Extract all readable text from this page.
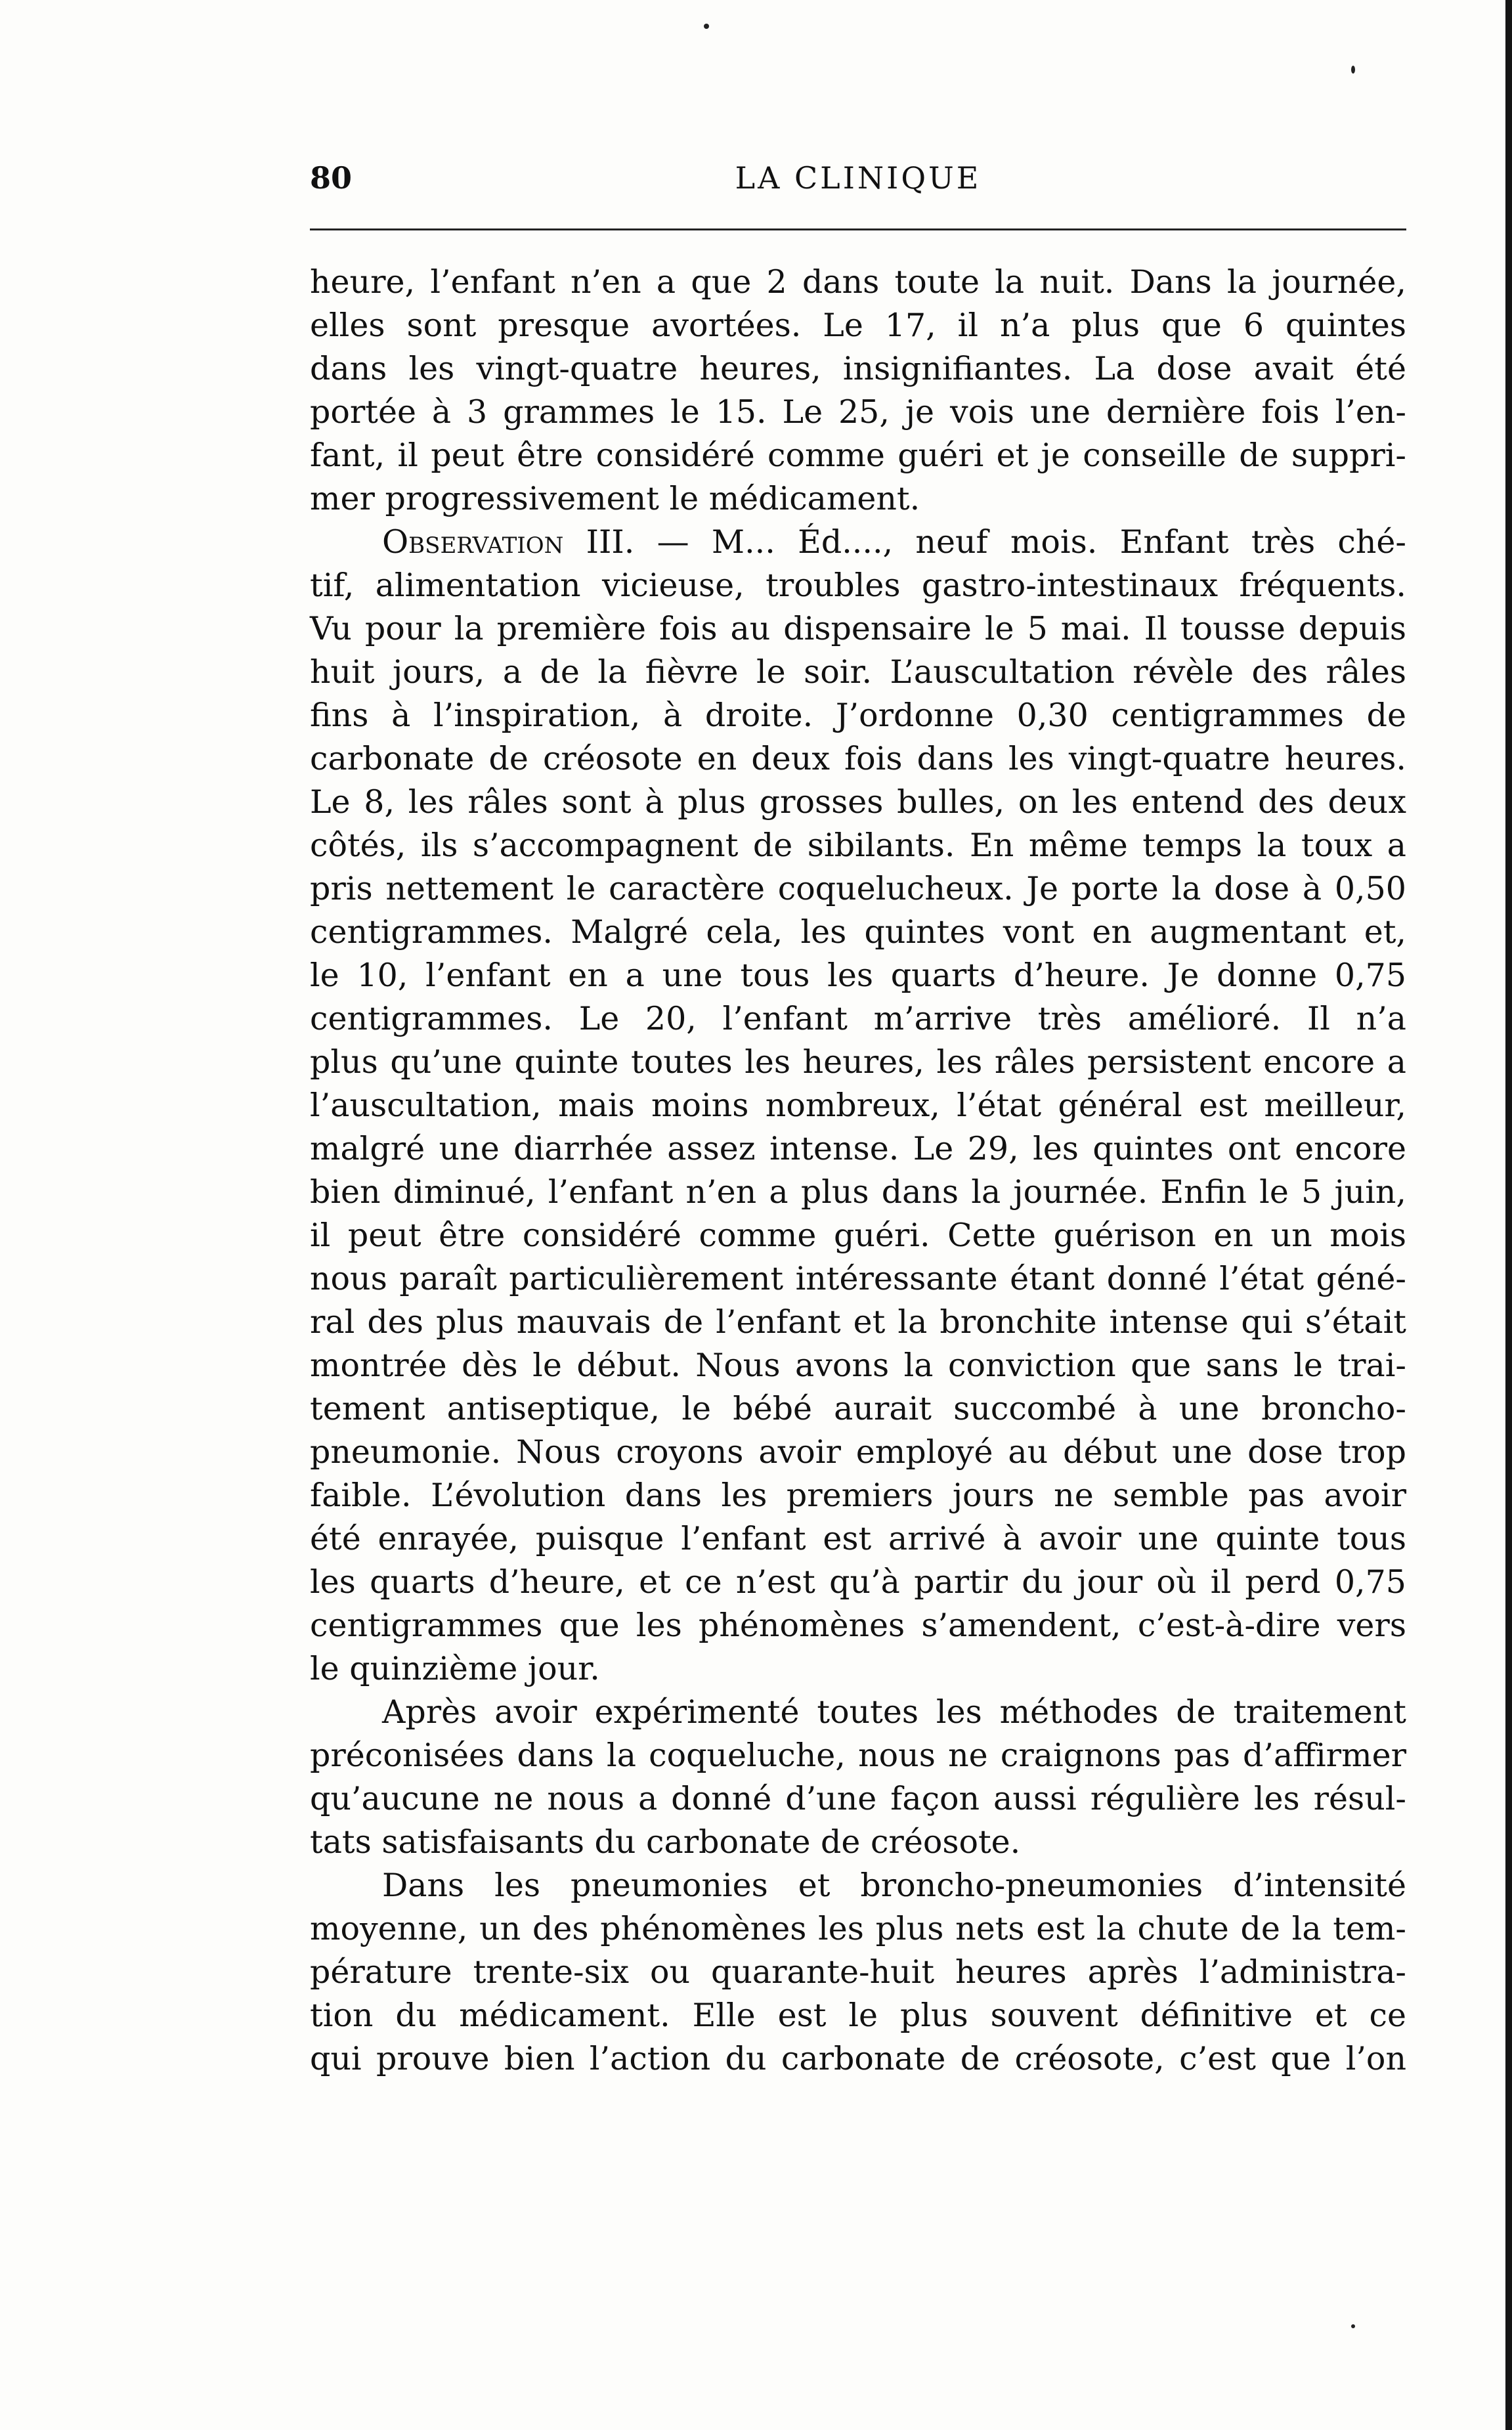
80	LA CLINIQUE
heure, l’enfant n’en a que 2 dans toute la nuit. Dans la journée,
elles sont presque avortées. Le 17, il n’a plus que 6 quintes
dans les vingt-quatre heures, insignifiantes. La dose avait été
portée à 3 grammes le 15. Le 25, je vois une dernière fois l’en-
fant, il peut être considéré comme guéri et je conseille de suppri-
mer progressivement le médicament.
Observation III. — M... Éd...., neuf mois. Enfant très ché-
tif, alimentation vicieuse, troubles gastro-intestinaux fréquents.
Vu pour la première fois au dispensaire le 5 mai. Il tousse depuis
huit jours, a de la fièvre le soir. L’auscultation révèle des râles
fins à l’inspiration, à droite. J’ordonne 0,30 centigrammes de
carbonate de créosote en deux fois dans les vingt-quatre heures.
Le 8, les râles sont à plus grosses bulles, on les entend des deux
côtés, ils s’accompagnent de sibilants. En même temps la toux a
pris nettement le caractère coquelucheux. Je porte la dose à 0,50
centigrammes. Malgré cela, les quintes vont en augmentant et,
le 10, l’enfant en a une tous les quarts d’heure. Je donne 0,75
centigrammes. Le 20, l’enfant m’arrive très amélioré. Il n’a
plus qu’une quinte toutes les heures, les râles persistent encore a
l’auscultation, mais moins nombreux, l’état général est meilleur,
malgré une diarrhée assez intense. Le 29, les quintes ont encore
bien diminué, l’enfant n’en a plus dans la journée. Enfin le 5 juin,
il peut être considéré comme guéri. Cette guérison en un mois
nous paraît particulièrement intéressante étant donné l’état géné-
ral des plus mauvais de l’enfant et la bronchite intense qui s’était
montrée dès le début. Nous avons la conviction que sans le trai-
tement antiseptique, le bébé aurait succombé à une broncho-
pneumonie. Nous croyons avoir employé au début une dose trop
faible. L’évolution dans les premiers jours ne semble pas avoir
été enrayée, puisque l’enfant est arrivé à avoir une quinte tous
les quarts d’heure, et ce n’est qu’à partir du jour où il perd 0,75
centigrammes que les phénomènes s’amendent, c’est-à-dire vers
le quinzième jour.
Après avoir expérimenté toutes les méthodes de traitement
préconisées dans la coqueluche, nous ne craignons pas d’affirmer
qu’aucune ne nous a donné d’une façon aussi régulière les résul-
tats satisfaisants du carbonate de créosote.
Dans les pneumonies et broncho-pneumonies d’intensité
moyenne, un des phénomènes les plus nets est la chute de la tem-
pérature trente-six ou quarante-huit heures après l’administra-
tion du médicament. Elle est le plus souvent définitive et ce
qui prouve bien l’action du carbonate de créosote, c’est que l’on
